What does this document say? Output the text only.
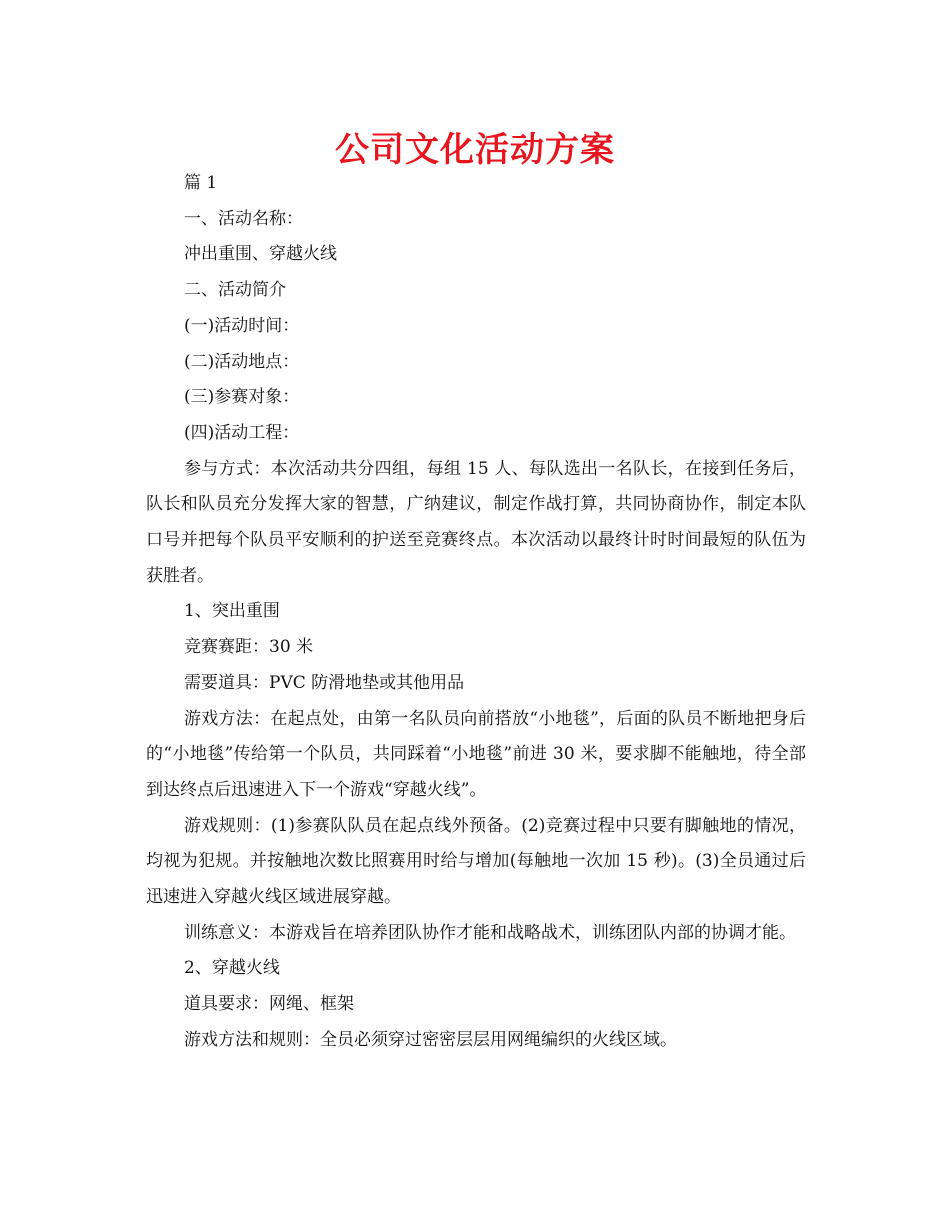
公司文化活动方案

篇 1

一、活动名称：

冲出重围、穿越火线

二、活动简介

(一)活动时间：

(二)活动地点：

(三)参赛对象：

(四)活动工程：

参与方式：本次活动共分四组，每组 15 人、每队选出一名队长，在接到任务后，队长和队员充分发挥大家的智慧，广纳建议，制定作战打算，共同协商协作，制定本队口号并把每个队员平安顺利的护送至竞赛终点。本次活动以最终计时时间最短的队伍为获胜者。

1、突出重围

竞赛赛距：30 米

需要道具：PVC 防滑地垫或其他用品

游戏方法：在起点处，由第一名队员向前搭放“小地毯”，后面的队员不断地把身后的“小地毯”传给第一个队员，共同踩着“小地毯”前进 30 米，要求脚不能触地，待全部到达终点后迅速进入下一个游戏“穿越火线”。

游戏规则：(1)参赛队队员在起点线外预备。(2)竞赛过程中只要有脚触地的情况，均视为犯规。并按触地次数比照赛用时给与增加(每触地一次加 15 秒)。(3)全员通过后迅速进入穿越火线区域进展穿越。

训练意义：本游戏旨在培养团队协作才能和战略战术，训练团队内部的协调才能。

2、穿越火线

道具要求：网绳、框架

游戏方法和规则：全员必须穿过密密层层用网绳编织的火线区域。
